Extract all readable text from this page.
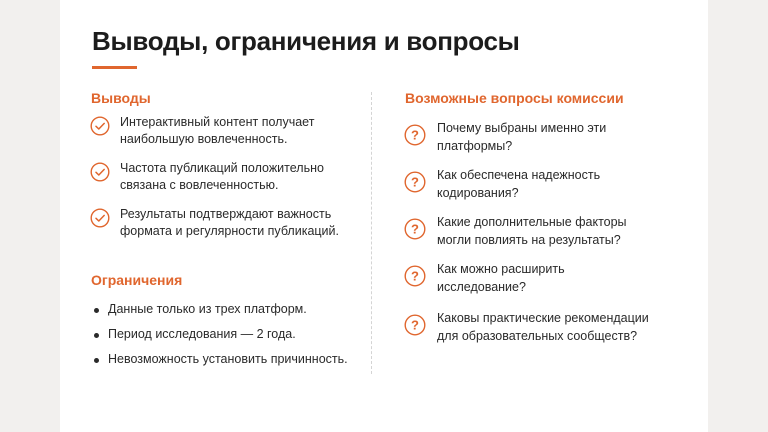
Выводы, ограничения и вопросы
Выводы
Интерактивный контент получает
наибольшую вовлеченность.
Частота публикаций положительно
связана с вовлеченностью.
Результаты подтверждают важность
формата и регулярности публикаций.
Ограничения
Данные только из трех платформ.
Период исследования — 2 года.
Невозможность установить причинность.
Возможные вопросы комиссии
? Почему выбраны именно эти
платформы?
? Как обеспечена надежность
кодирования?
? Какие дополнительные факторы
могли повлиять на результаты?
? Как можно расширить
исследование?
? Каковы практические рекомендации
для образовательных сообществ?
